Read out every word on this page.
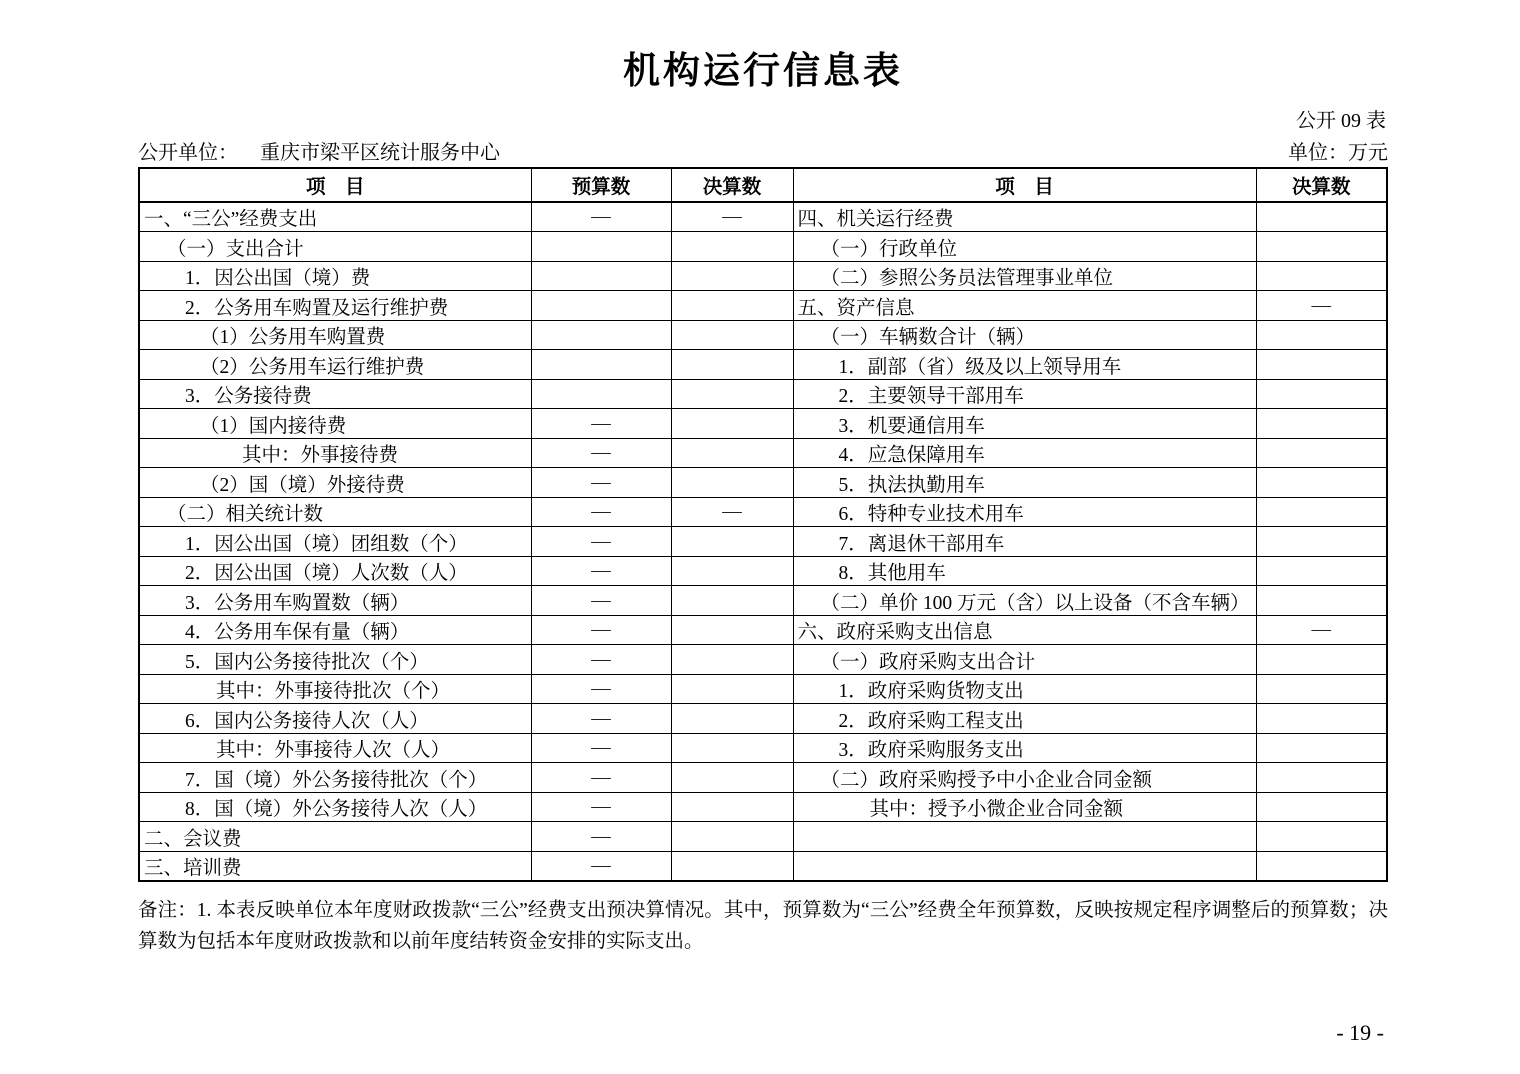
机构运行信息表
公开 09 表
公开单位： 重庆市梁平区统计服务中心	单位：万元
项　目	预算数	决算数	项　目	决算数
一、“三公”经费支出	—	—	四、机关运行经费	
（一）支出合计			（一）行政单位	
1．因公出国（境）费			（二）参照公务员法管理事业单位	
2．公务用车购置及运行维护费			五、资产信息	—
（1）公务用车购置费			（一）车辆数合计（辆）	
（2）公务用车运行维护费			1．副部（省）级及以上领导用车	
3．公务接待费			2．主要领导干部用车	
（1）国内接待费	—		3．机要通信用车	
其中：外事接待费	—		4．应急保障用车	
（2）国（境）外接待费	—		5．执法执勤用车	
（二）相关统计数	—	—	6．特种专业技术用车	
1．因公出国（境）团组数（个）	—		7．离退休干部用车	
2．因公出国（境）人次数（人）	—		8．其他用车	
3．公务用车购置数（辆）	—		（二）单价 100 万元（含）以上设备（不含车辆）	
4．公务用车保有量（辆）	—		六、政府采购支出信息	—
5．国内公务接待批次（个）	—		（一）政府采购支出合计	
其中：外事接待批次（个）	—		1．政府采购货物支出	
6．国内公务接待人次（人）	—		2．政府采购工程支出	
其中：外事接待人次（人）	—		3．政府采购服务支出	
7．国（境）外公务接待批次（个）	—		（二）政府采购授予中小企业合同金额	
8．国（境）外公务接待人次（人）	—		其中：授予小微企业合同金额	
二、会议费	—			
三、培训费	—			
备注：1. 本表反映单位本年度财政拨款“三公”经费支出预决算情况。其中，预算数为“三公”经费全年预算数，反映按规定程序调整后的预算数；决算数为包括本年度财政拨款和以前年度结转资金安排的实际支出。
- 19 -
